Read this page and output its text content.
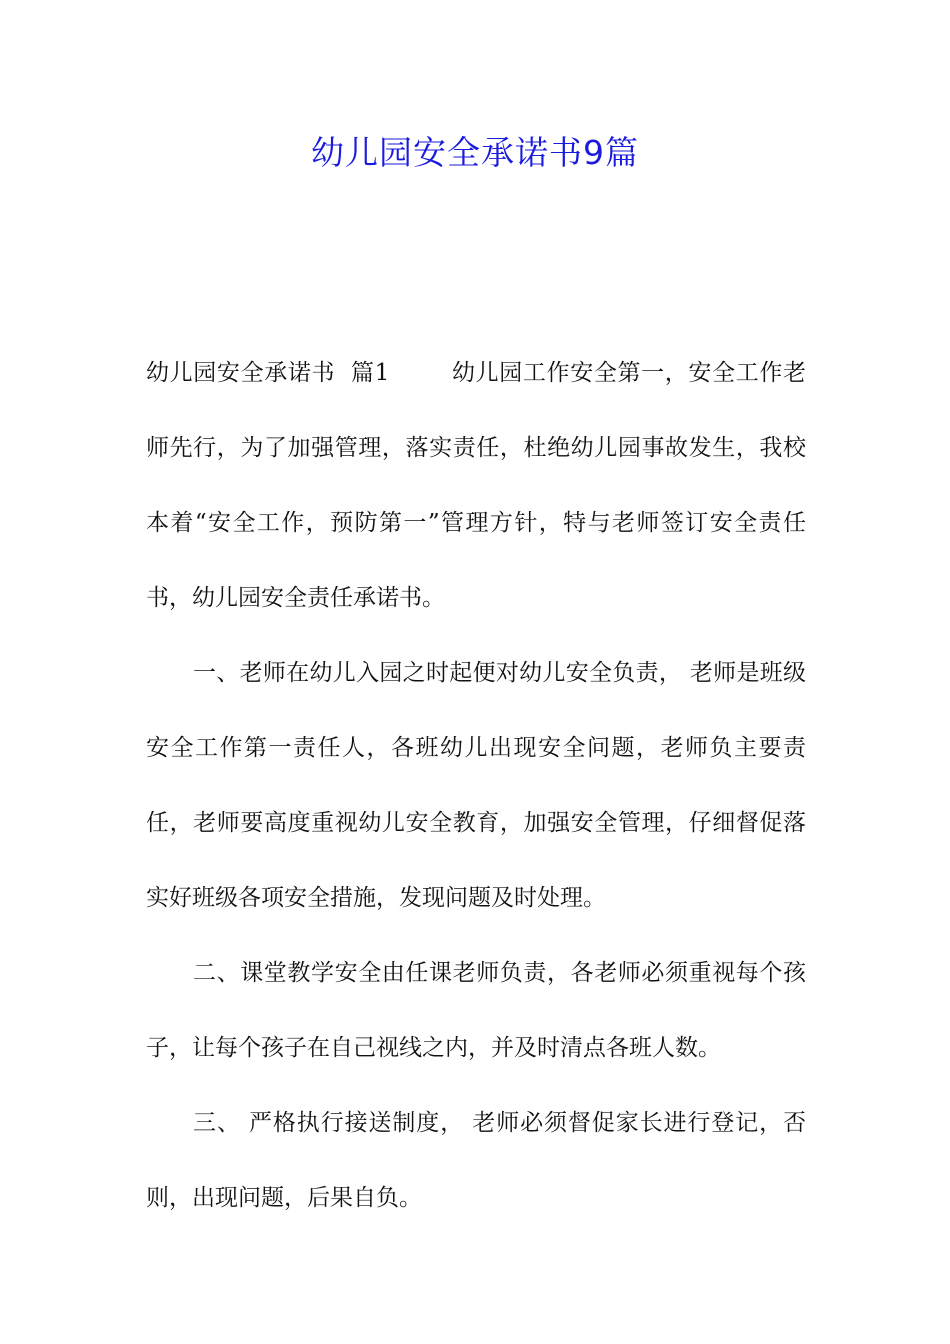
幼儿园安全承诺书9篇

幼儿园安全承诺书  篇1	幼儿园工作安全第一，安全工作老师先行，为了加强管理，落实责任，杜绝幼儿园事故发生，我校本着“安全工作，预防第一”管理方针，特与老师签订安全责任书，幼儿园安全责任承诺书。

一、老师在幼儿入园之时起便对幼儿安全负责， 老师是班级安全工作第一责任人，各班幼儿出现安全问题，老师负主要责任，老师要高度重视幼儿安全教育，加强安全管理，仔细督促落实好班级各项安全措施，发现问题及时处理。

二、课堂教学安全由任课老师负责，各老师必须重视每个孩子，让每个孩子在自己视线之内，并及时清点各班人数。

三、 严格执行接送制度， 老师必须督促家长进行登记，否则，出现问题，后果自负。
